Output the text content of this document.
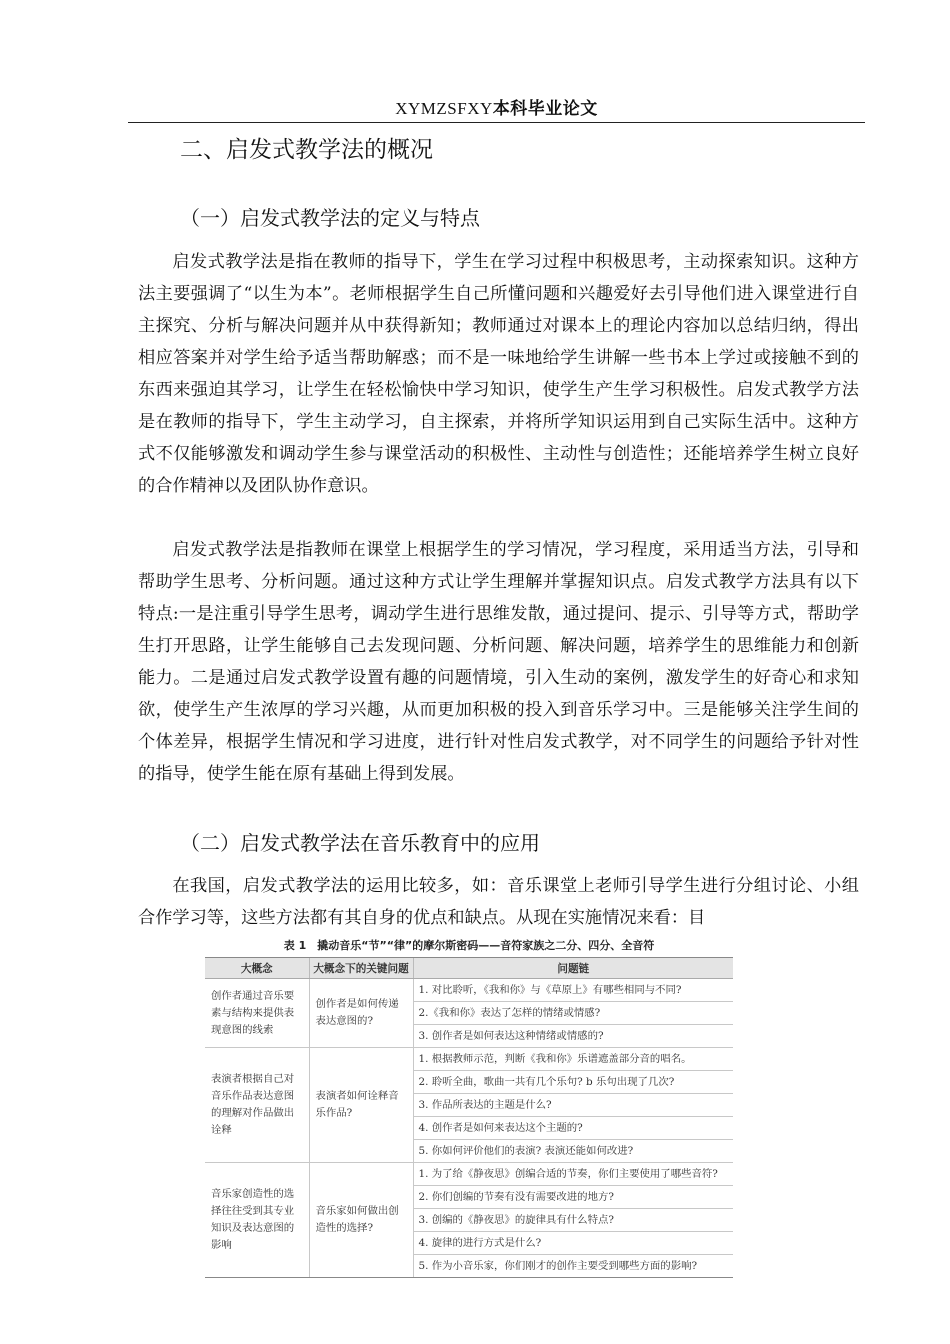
XYMZSFXY本科毕业论文
二、启发式教学法的概况
（一）启发式教学法的定义与特点

启发式教学法是指在教师的指导下，学生在学习过程中积极思考，主动探索知识。这种方法主要强调了“以生为本”。老师根据学生自己所懂问题和兴趣爱好去引导他们进入课堂进行自主探究、分析与解决问题并从中获得新知；教师通过对课本上的理论内容加以总结归纳，得出相应答案并对学生给予适当帮助解惑；而不是一味地给学生讲解一些书本上学过或接触不到的东西来强迫其学习，让学生在轻松愉快中学习知识，使学生产生学习积极性。启发式教学方法是在教师的指导下，学生主动学习，自主探索，并将所学知识运用到自己实际生活中。这种方式不仅能够激发和调动学生参与课堂活动的积极性、主动性与创造性；还能培养学生树立良好的合作精神以及团队协作意识。

启发式教学法是指教师在课堂上根据学生的学习情况，学习程度，采用适当方法，引导和帮助学生思考、分析问题。通过这种方式让学生理解并掌握知识点。启发式教学方法具有以下特点:一是注重引导学生思考，调动学生进行思维发散，通过提问、提示、引导等方式，帮助学生打开思路，让学生能够自己去发现问题、分析问题、解决问题，培养学生的思维能力和创新能力。二是通过启发式教学设置有趣的问题情境，引入生动的案例，激发学生的好奇心和求知欲，使学生产生浓厚的学习兴趣，从而更加积极的投入到音乐学习中。三是能够关注学生间的个体差异，根据学生情况和学习进度，进行针对性启发式教学，对不同学生的问题给予针对性的指导，使学生能在原有基础上得到发展。

（二）启发式教学法在音乐教育中的应用

在我国，启发式教学法的运用比较多，如：音乐课堂上老师引导学生进行分组讨论、小组合作学习等，这些方法都有其自身的优点和缺点。从现在实施情况来看：目

表 1　撬动音乐“节”“律”的摩尔斯密码——音符家族之二分、四分、全音符
大概念	大概念下的关键问题	问题链
创作者通过音乐要素与结构来提供表现意图的线索	创作者是如何传递表达意图的?	1. 对比聆听，《我和你》与《草原上》有哪些相同与不同?
		2.《我和你》表达了怎样的情绪或情感?
		3. 创作者是如何表达这种情绪或情感的?
表演者根据自己对音乐作品表达意图的理解对作品做出诠释	表演者如何诠释音乐作品?	1. 根据教师示范，判断《我和你》乐谱遮盖部分音的唱名。
		2. 聆听全曲，歌曲一共有几个乐句? b 乐句出现了几次?
		3. 作品所表达的主题是什么?
		4. 创作者是如何来表达这个主题的?
		5. 你如何评价他们的表演? 表演还能如何改进?
音乐家创造性的选择往往受到其专业知识及表达意图的影响	音乐家如何做出创造性的选择?	1. 为了给《静夜思》创编合适的节奏，你们主要使用了哪些音符?
		2. 你们创编的节奏有没有需要改进的地方?
		3. 创编的《静夜思》的旋律具有什么特点?
		4. 旋律的进行方式是什么?
		5. 作为小音乐家，你们刚才的创作主要受到哪些方面的影响?
